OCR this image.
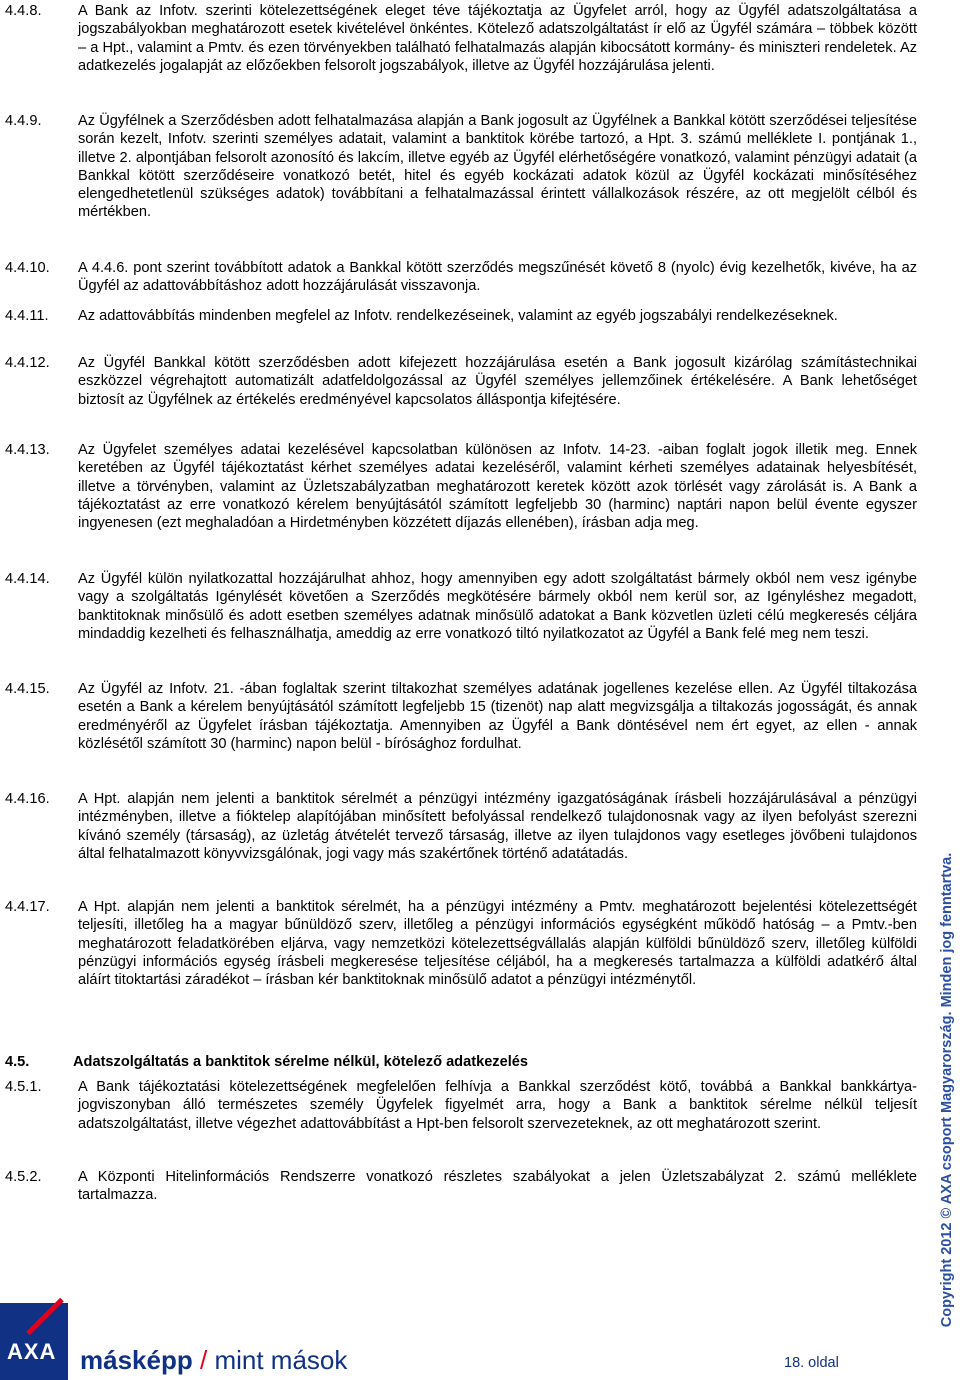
4.4.8. A Bank az Infotv. szerinti kötelezettségének eleget téve tájékoztatja az Ügyfelet arról, hogy az Ügyfél adatszolgáltatása a jogszabályokban meghatározott esetek kivételével önkéntes. Kötelező adatszolgáltatást ír elő az Ügyfél számára – többek között – a Hpt., valamint a Pmtv. és ezen törvényekben található felhatalmazás alapján kibocsátott kormány- és miniszteri rendeletek. Az adatkezelés jogalapját az előzőekben felsorolt jogszabályok, illetve az Ügyfél hozzájárulása jelenti.
4.4.9. Az Ügyfélnek a Szerződésben adott felhatalmazása alapján a Bank jogosult az Ügyfélnek a Bankkal kötött szerződései teljesítése során kezelt, Infotv. szerinti személyes adatait, valamint a banktitok körébe tartozó, a Hpt. 3. számú melléklete I. pontjának 1., illetve 2. alpontjában felsorolt azonosító és lakcím, illetve egyéb az Ügyfél elérhetőségére vonatkozó, valamint pénzügyi adatait (a Bankkal kötött szerződéseire vonatkozó betét, hitel és egyéb kockázati adatok közül az Ügyfél kockázati minősítéséhez elengedhetetlenül szükséges adatok) továbbítani a felhatalmazással érintett vállalkozások részére, az ott megjelölt célból és mértékben.
4.4.10. A 4.4.6. pont szerint továbbított adatok a Bankkal kötött szerződés megszűnését követő 8 (nyolc) évig kezelhetők, kivéve, ha az Ügyfél az adattovábbításhoz adott hozzájárulását visszavonja.
4.4.11. Az adattovábbítás mindenben megfelel az Infotv. rendelkezéseinek, valamint az egyéb jogszabályi rendelkezéseknek.
4.4.12. Az Ügyfél Bankkal kötött szerződésben adott kifejezett hozzájárulása esetén a Bank jogosult kizárólag számítástechnikai eszközzel végrehajtott automatizált adatfeldolgozással az Ügyfél személyes jellemzőinek értékelésére. A Bank lehetőséget biztosít az Ügyfélnek az értékelés eredményével kapcsolatos álláspontja kifejtésére.
4.4.13. Az Ügyfelet személyes adatai kezelésével kapcsolatban különösen az Infotv. 14-23. -aiban foglalt jogok illetik meg. Ennek keretében az Ügyfél tájékoztatást kérhet személyes adatai kezeléséről, valamint kérheti személyes adatainak helyesbítését, illetve a törvényben, valamint az Üzletszabályzatban meghatározott keretek között azok törlését vagy zárolását is. A Bank a tájékoztatást az erre vonatkozó kérelem benyújtásától számított legfeljebb 30 (harminc) naptári napon belül évente egyszer ingyenesen (ezt meghaladóan a Hirdetményben közzétett díjazás ellenében), írásban adja meg.
4.4.14. Az Ügyfél külön nyilatkozattal hozzájárulhat ahhoz, hogy amennyiben egy adott szolgáltatást bármely okból nem vesz igénybe vagy a szolgáltatás Igénylését követően a Szerződés megkötésére bármely okból nem kerül sor, az Igényléshez megadott, banktitoknak minősülő és adott esetben személyes adatnak minősülő adatokat a Bank közvetlen üzleti célú megkeresés céljára mindaddig kezelheti és felhasználhatja, ameddig az erre vonatkozó tiltó nyilatkozatot az Ügyfél a Bank felé meg nem teszi.
4.4.15. Az Ügyfél az Infotv. 21. -ában foglaltak szerint tiltakozhat személyes adatának jogellenes kezelése ellen. Az Ügyfél tiltakozása esetén a Bank a kérelem benyújtásától számított legfeljebb 15 (tizenöt) nap alatt megvizsgálja a tiltakozás jogosságát, és annak eredményéről az Ügyfelet írásban tájékoztatja. Amennyiben az Ügyfél a Bank döntésével nem ért egyet, az ellen - annak közlésétől számított 30 (harminc) napon belül - bírósághoz fordulhat.
4.4.16. A Hpt. alapján nem jelenti a banktitok sérelmét a pénzügyi intézmény igazgatóságának írásbeli hozzájárulásával a pénzügyi intézményben, illetve a fióktelep alapítójában minősített befolyással rendelkező tulajdonosnak vagy az ilyen befolyást szerezni kívánó személy (társaság), az üzletág átvételét tervező társaság, illetve az ilyen tulajdonos vagy esetleges jövőbeni tulajdonos által felhatalmazott könyvvizsgálónak, jogi vagy más szakértőnek történő adatátadás.
4.4.17. A Hpt. alapján nem jelenti a banktitok sérelmét, ha a pénzügyi intézmény a Pmtv. meghatározott bejelentési kötelezettségét teljesíti, illetőleg ha a magyar bűnüldöző szerv, illetőleg a pénzügyi információs egységként működő hatóság – a Pmtv.-ben meghatározott feladatkörében eljárva, vagy nemzetközi kötelezettségvállalás alapján külföldi bűnüldöző szerv, illetőleg külföldi pénzügyi információs egység írásbeli megkeresése teljesítése céljából, ha a megkeresés tartalmazza a külföldi adatkérő által aláírt titoktartási záradékot – írásban kér banktitoknak minősülő adatot a pénzügyi intézménytől.
4.5.	Adatszolgáltatás a banktitok sérelme nélkül, kötelező adatkezelés
4.5.1. A Bank tájékoztatási kötelezettségének megfelelően felhívja a Bankkal szerződést kötő, továbbá a Bankkal bankkártya-jogviszonyban álló természetes személy Ügyfelek figyelmét arra, hogy a Bank a banktitok sérelme nélkül teljesít adatszolgáltatást, illetve végezhet adattovábbítást a Hpt-ben felsorolt szervezeteknek, az ott meghatározott szerint.
4.5.2. A Központi Hitelinformációs Rendszerre vonatkozó részletes szabályokat a jelen Üzletszabályzat 2. számú melléklete tartalmazza.	Copyright 2012 © AXA csoport Magyarország. Minden jog fenntartva.
AXA másképp / mint mások	18. oldal
